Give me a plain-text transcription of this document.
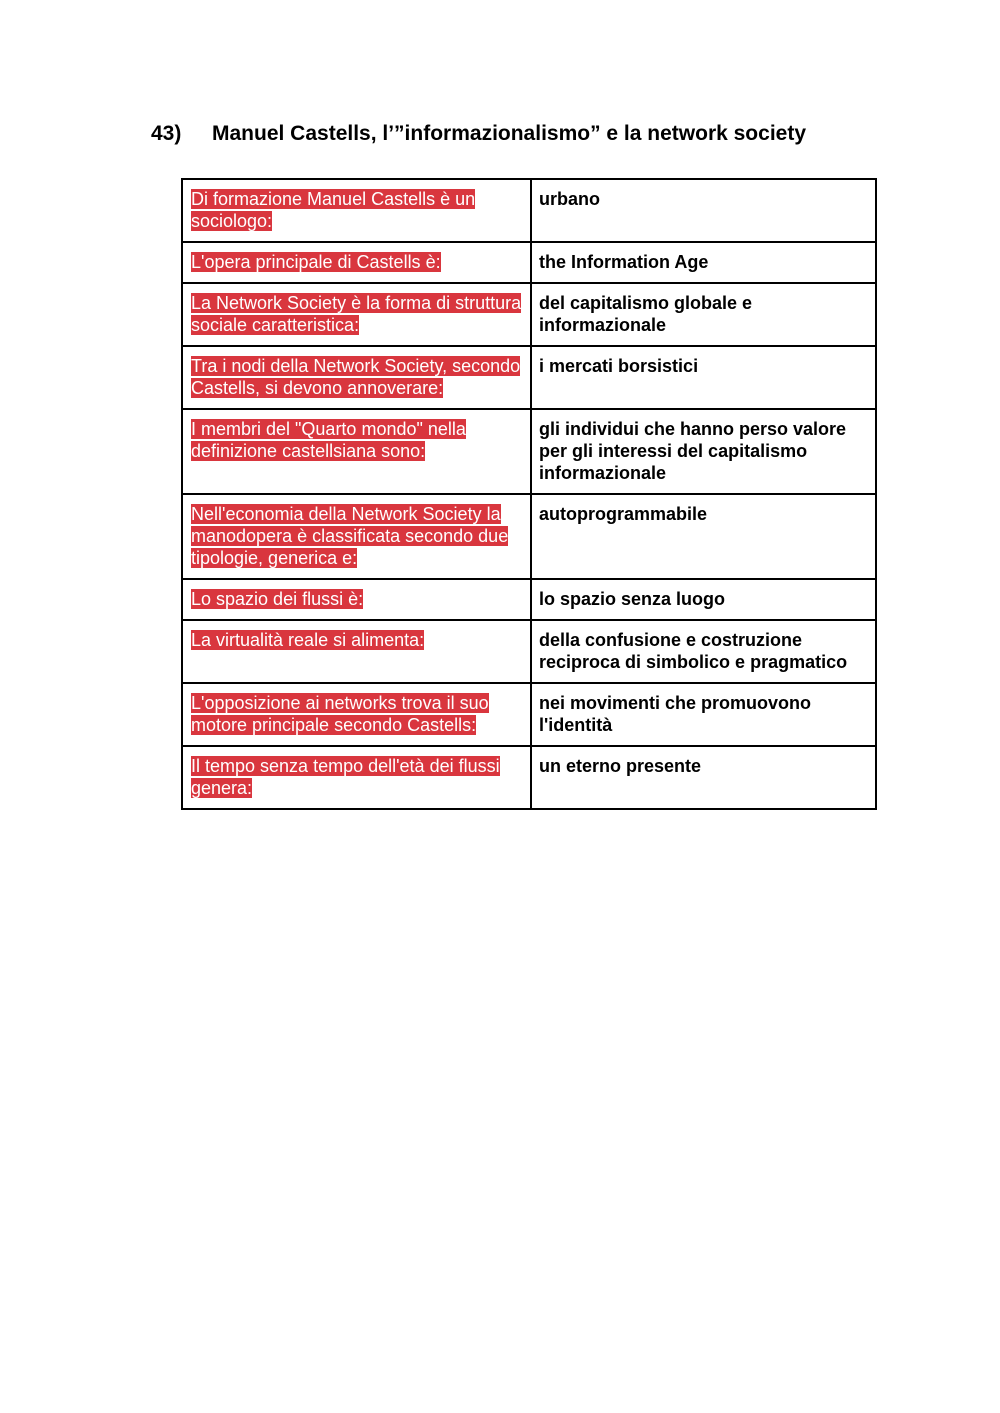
43) Manuel Castells, l’”informazionalismo” e la network society
Di formazione Manuel Castells è un sociologo:	urbano
L'opera principale di Castells è:	the Information Age
La Network Society è la forma di struttura sociale caratteristica:	del capitalismo globale e informazionale
Tra i nodi della Network Society, secondo Castells, si devono annoverare:	i mercati borsistici
I membri del "Quarto mondo" nella definizione castellsiana sono:	gli individui che hanno perso valore per gli interessi del capitalismo informazionale
Nell'economia della Network Society la manodopera è classificata secondo due tipologie, generica e:	autoprogrammabile
Lo spazio dei flussi è:	lo spazio senza luogo
La virtualità reale si alimenta:	della confusione e costruzione reciproca di simbolico e pragmatico
L'opposizione ai networks trova il suo motore principale secondo Castells:	nei movimenti che promuovono l'identità
Il tempo senza tempo dell'età dei flussi genera:	un eterno presente
